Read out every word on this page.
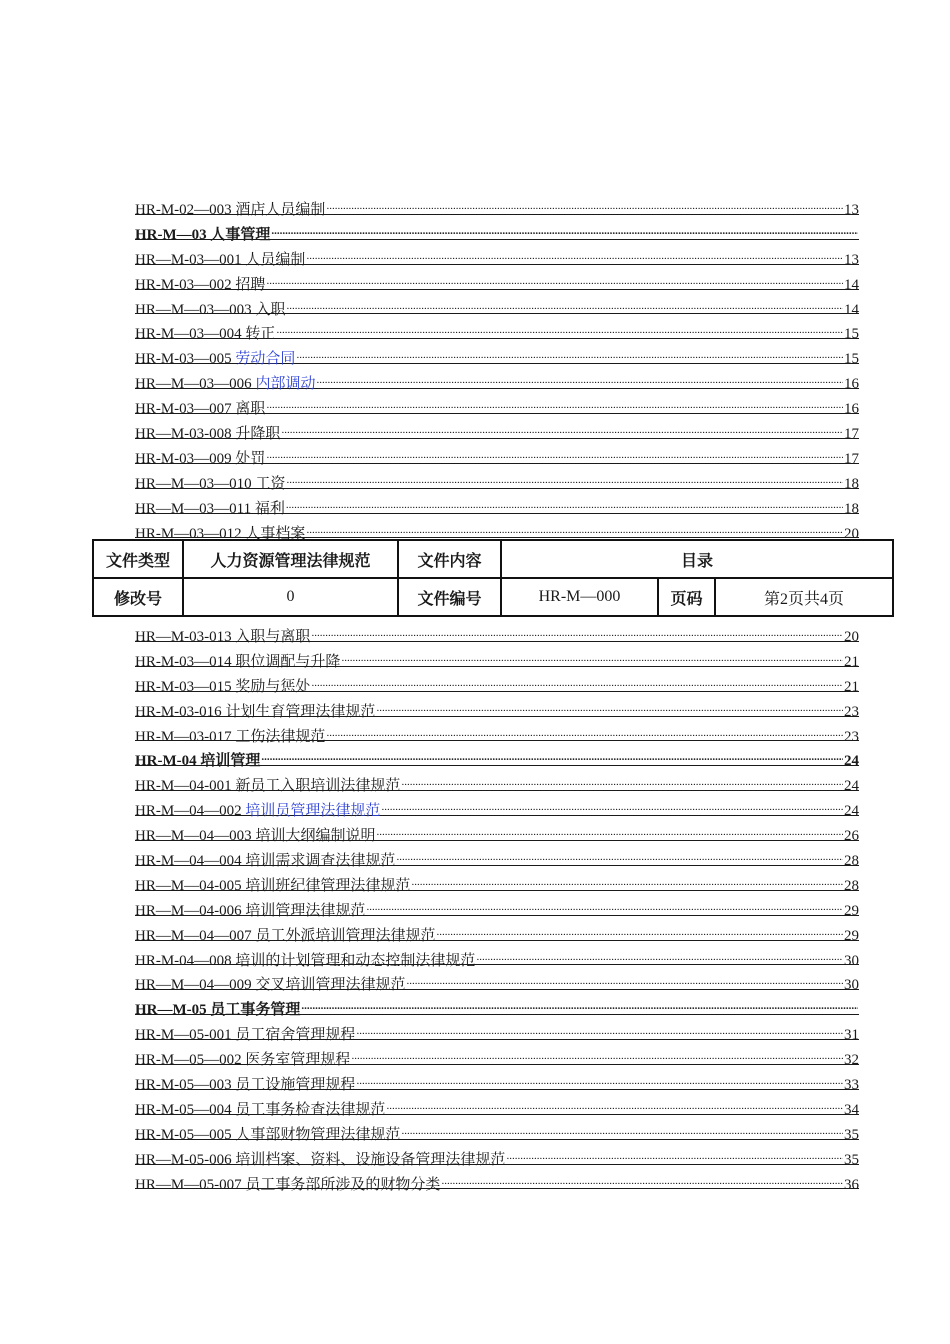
HR-M-02—003 酒店人员编制 .....	13
HR-M—03 人事管理
.....
HR—M-03—001 人员编制 .....	13
HR-M-03—002 招聘 .....	14
HR—M—03—003 入职 .....	14
HR-M—03—004 转正 .....	15
HR-M-03—005 劳动合同 .....	15
HR—M—03—006 内部调动 .....	16
HR-M-03—007 离职 .....	16
HR—M-03-008 升降职 .....	17
HR-M-03—009 处罚 .....	17
HR—M—03—010 工资 .....	18
HR—M—03—011 福利 .....	18
HR-M—03—012 人事档案 .....	20
文件类型	人力资源管理法律规范	文件内容	目录		
修改号	0	文件编号	HR-M—000	页码	第2页共4页
HR—M-03-013 入职与离职 .....	20
HR-M-03—014 职位调配与升降 .....	21
HR-M-03—015 奖励与惩处 .....	21
HR-M-03-016 计划生育管理法律规范 .....	23
HR-M—03-017 工伤法律规范 .....	23
HR-M-04 培训管理 .....	24
HR-M—04-001 新员工入职培训法律规范 .....	24
HR-M—04—002 培训员管理法律规范 .....	24
HR—M—04—003 培训大纲编制说明 .....	26
HR-M—04—004 培训需求调查法律规范 .....	28
HR—M—04-005 培训班纪律管理法律规范 .....	28
HR—M—04-006 培训管理法律规范 .....	29
HR—M—04—007 员工外派培训管理法律规范 .....	29
HR-M-04—008 培训的计划管理和动态控制法律规范 .....	30
HR—M—04—009 交叉培训管理法律规范 .....	30
HR—M-05 员工事务管理
.....
HR-M—05-001 员工宿舍管理规程 .....	31
HR-M—05—002 医务室管理规程 .....	32
HR-M-05—003 员工设施管理规程 .....	33
HR-M-05—004 员工事务检查法律规范 .....	34
HR-M-05—005 人事部财物管理法律规范 .....	35
HR—M-05-006 培训档案、资料、设施设备管理法律规范 .....	35
HR—M—05-007 员工事务部所涉及的财物分类 .....	36
